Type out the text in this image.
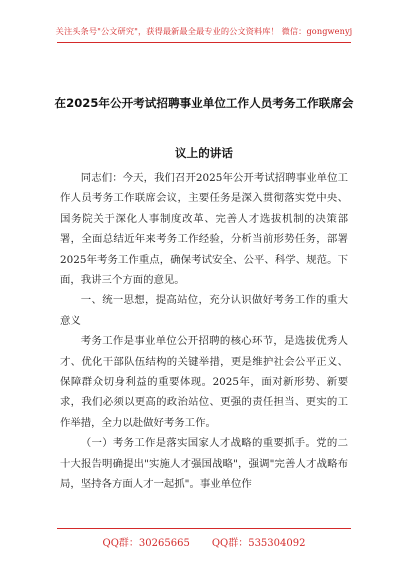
关注头条号"公文研究"，获得最新最全最专业的公文资料库！ 微信：gongwenyj
在2025年公开考试招聘事业单位工作人员考务工作联席会
议上的讲话

同志们：今天，我们召开2025年公开考试招聘事业单位工作人员考务工作联席会议，主要任务是深入贯彻落实党中央、国务院关于深化人事制度改革、完善人才选拔机制的决策部署，全面总结近年来考务工作经验，分析当前形势任务，部署2025年考务工作重点，确保考试安全、公平、科学、规范。下面，我讲三个方面的意见。

一、统一思想，提高站位，充分认识做好考务工作的重大意义

考务工作是事业单位公开招聘的核心环节，是选拔优秀人才、优化干部队伍结构的关键举措，更是维护社会公平正义、保障群众切身利益的重要体现。2025年，面对新形势、新要求，我们必须以更高的政治站位、更强的责任担当、更实的工作举措，全力以赴做好考务工作。

（一）考务工作是落实国家人才战略的重要抓手。党的二十大报告明确提出"实施人才强国战略"，强调"完善人才战略布局，坚持各方面人才一起抓"。事业单位作

QQ群：30265665 QQ群：535304092
